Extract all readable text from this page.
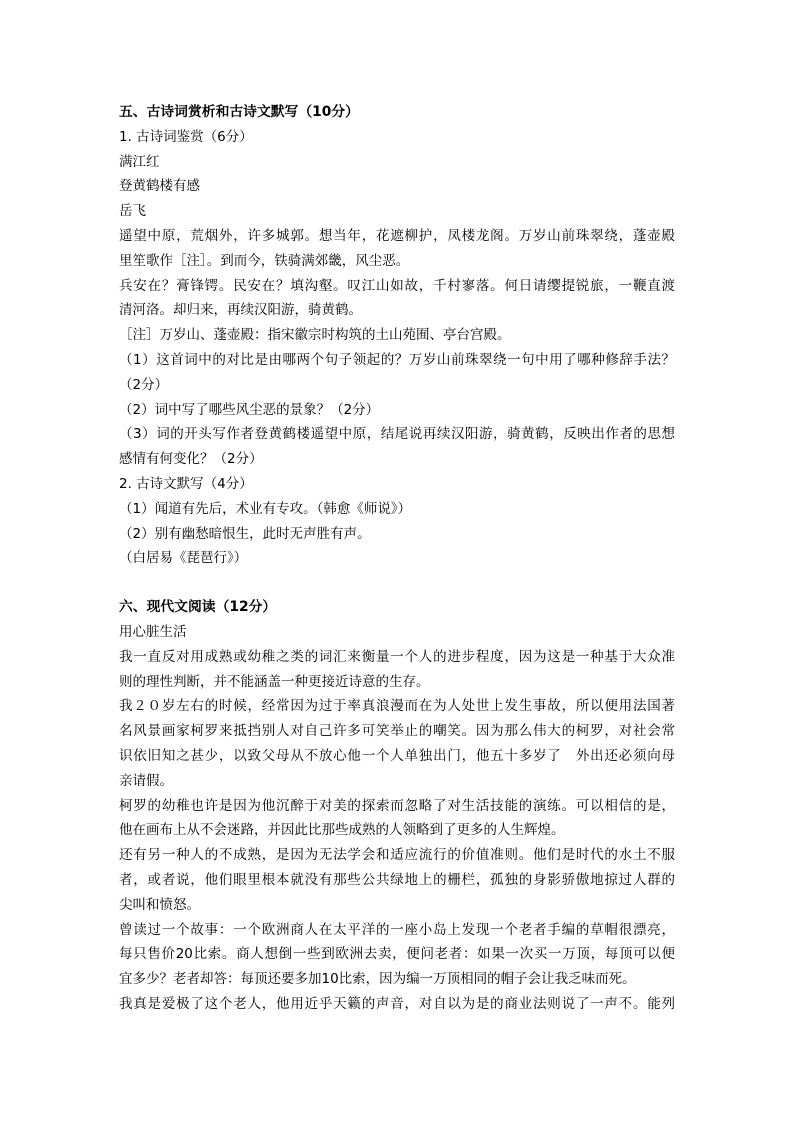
五、古诗词赏析和古诗文默写（10分）
1. 古诗词鉴赏（6分）
满江红
登黄鹤楼有感
岳飞
遥望中原，荒烟外，许多城郭。想当年，花遮柳护，凤楼龙阁。万岁山前珠翠绕，蓬壶殿
里笙歌作［注］。到而今，铁骑满郊畿，风尘恶。
兵安在？膏锋锷。民安在？填沟壑。叹江山如故，千村寥落。何日请缨提锐旅，一鞭直渡
清河洛。却归来，再续汉阳游，骑黄鹤。
［注］万岁山、蓬壶殿：指宋徽宗时构筑的土山苑囿、亭台宫殿。
（1）这首词中的对比是由哪两个句子领起的？万岁山前珠翠绕一句中用了哪种修辞手法？
（2分）
（2）词中写了哪些风尘恶的景象？（2分）
（3）词的开头写作者登黄鹤楼遥望中原，结尾说再续汉阳游，骑黄鹤，反映出作者的思想
感情有何变化？（2分）
2. 古诗文默写（4分）
（1）闻道有先后，术业有专攻。（韩愈《师说》）
（2）别有幽愁暗恨生，此时无声胜有声。
（白居易《琵琶行》）
六、现代文阅读（12分）
用心脏生活
我一直反对用成熟或幼稚之类的词汇来衡量一个人的进步程度，因为这是一种基于大众准
则的理性判断，并不能涵盖一种更接近诗意的生存。
我２０岁左右的时候，经常因为过于率真浪漫而在为人处世上发生事故，所以便用法国著
名风景画家柯罗来抵挡别人对自己许多可笑举止的嘲笑。因为那么伟大的柯罗，对社会常
识依旧知之甚少，以致父母从不放心他一个人单独出门，他五十多岁了　外出还必须向母
亲请假。
柯罗的幼稚也许是因为他沉醉于对美的探索而忽略了对生活技能的演练。可以相信的是，
他在画布上从不会迷路，并因此比那些成熟的人领略到了更多的人生辉煌。
还有另一种人的不成熟，是因为无法学会和适应流行的价值准则。他们是时代的水土不服
者，或者说，他们眼里根本就没有那些公共绿地上的栅栏，孤独的身影骄傲地掠过人群的
尖叫和愤怒。
曾读过一个故事：一个欧洲商人在太平洋的一座小岛上发现一个老者手编的草帽很漂亮，
每只售价20比索。商人想倒一些到欧洲去卖，便问老者：如果一次买一万顶，每顶可以便
宜多少？老者却答：每顶还要多加10比索，因为编一万顶相同的帽子会让我乏味而死。
我真是爱极了这个老人，他用近乎天籁的声音，对自以为是的商业法则说了一声不。能列
